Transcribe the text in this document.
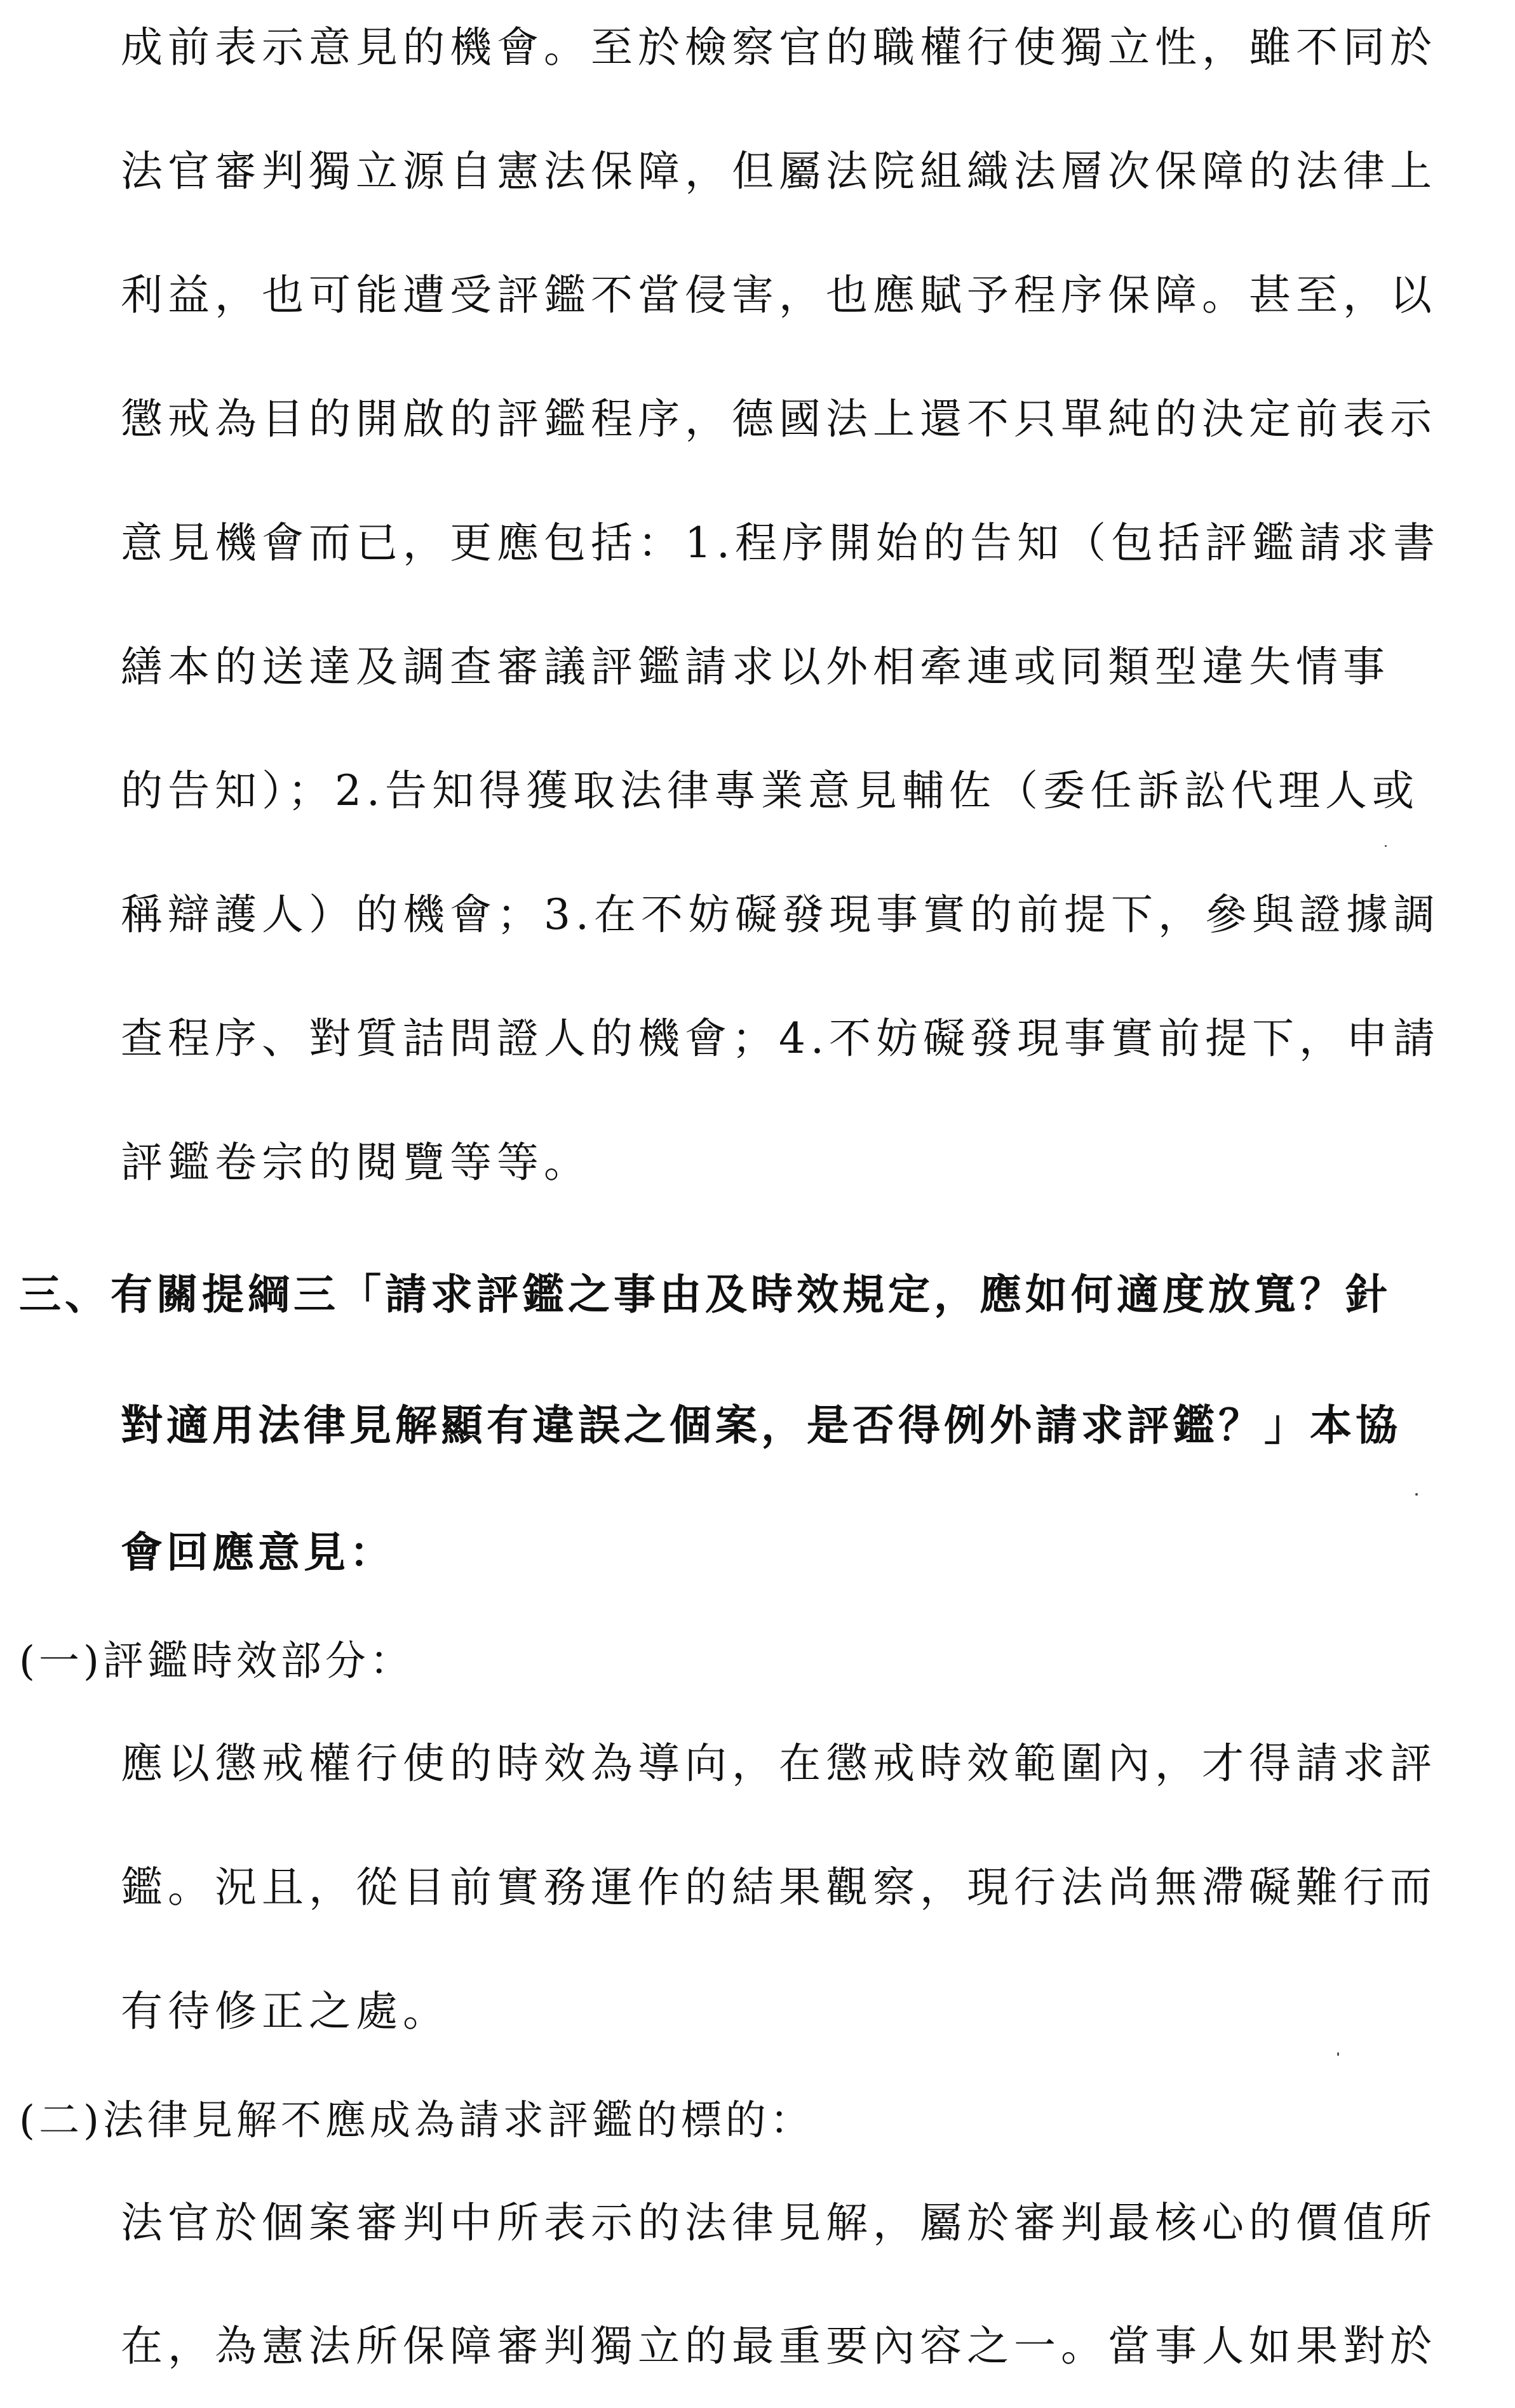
成前表示意見的機會。至於檢察官的職權行使獨立性，雖不同於
法官審判獨立源自憲法保障，但屬法院組織法層次保障的法律上
利益，也可能遭受評鑑不當侵害，也應賦予程序保障。甚至，以
懲戒為目的開啟的評鑑程序，德國法上還不只單純的決定前表示
意見機會而已，更應包括：1.程序開始的告知（包括評鑑請求書
繕本的送達及調查審議評鑑請求以外相牽連或同類型違失情事
的告知）；2.告知得獲取法律專業意見輔佐（委任訴訟代理人或
稱辯護人）的機會；3.在不妨礙發現事實的前提下，參與證據調
查程序、對質詰問證人的機會；4.不妨礙發現事實前提下，申請
評鑑卷宗的閱覽等等。
三、有關提綱三「請求評鑑之事由及時效規定，應如何適度放寬？針
對適用法律見解顯有違誤之個案，是否得例外請求評鑑？」本協
會回應意見：
(一)評鑑時效部分：
應以懲戒權行使的時效為導向，在懲戒時效範圍內，才得請求評
鑑。況且，從目前實務運作的結果觀察，現行法尚無滯礙難行而
有待修正之處。
(二)法律見解不應成為請求評鑑的標的：
法官於個案審判中所表示的法律見解，屬於審判最核心的價值所
在，為憲法所保障審判獨立的最重要內容之一。當事人如果對於
